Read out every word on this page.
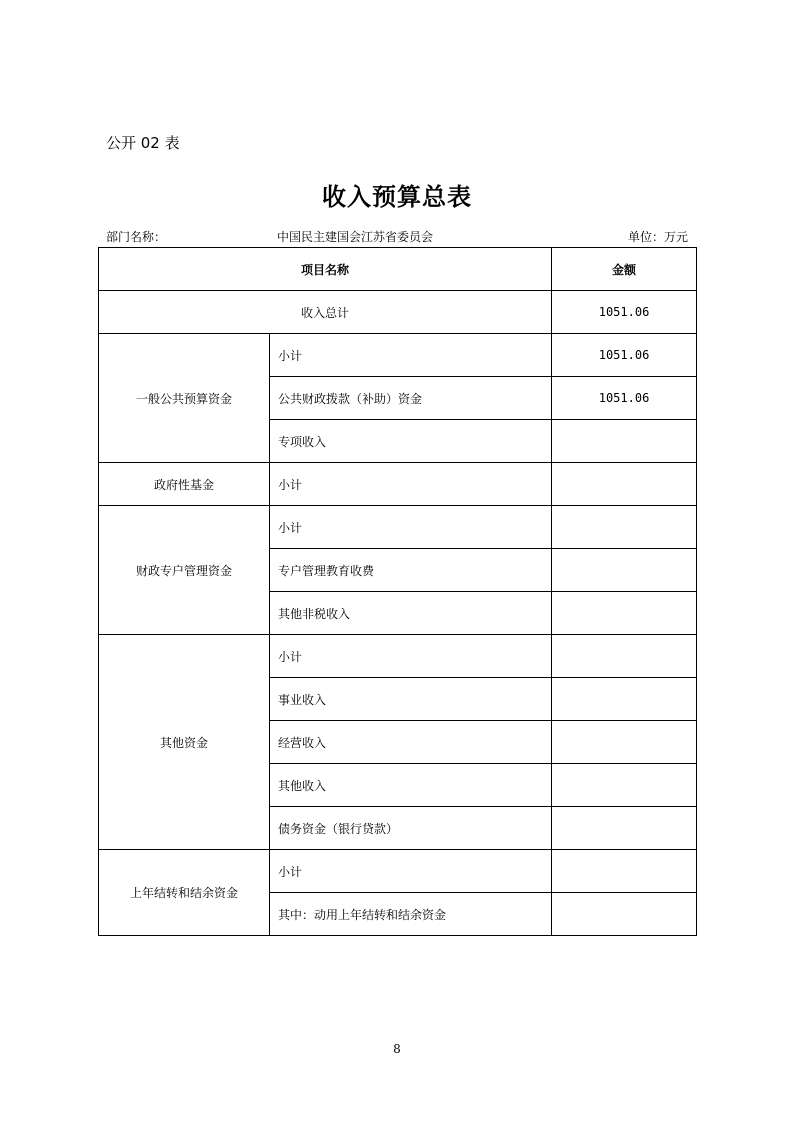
公开 02 表
收入预算总表
部门名称：	中国民主建国会江苏省委员会	单位：万元
项目名称		金额
收入总计		1051.06
一般公共预算资金	小计	1051.06
	公共财政拨款（补助）资金	1051.06
	专项收入	
政府性基金	小计	
财政专户管理资金	小计	
	专户管理教育收费	
	其他非税收入	
其他资金	小计	
	事业收入	
	经营收入	
	其他收入	
	债务资金（银行贷款）	
上年结转和结余资金	小计	
	其中：动用上年结转和结余资金	
8
